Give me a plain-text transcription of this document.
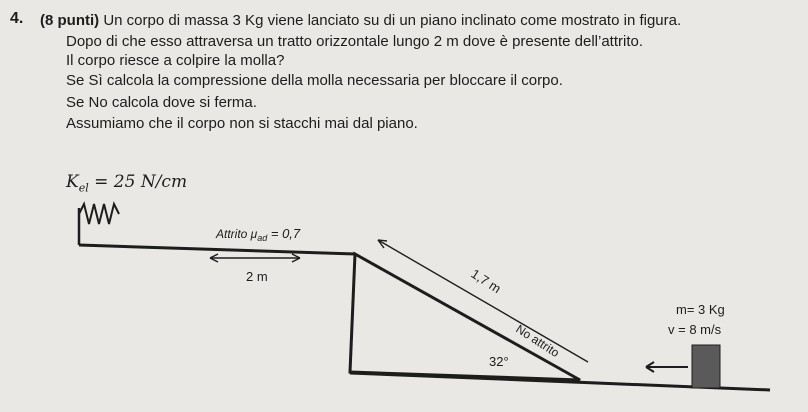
4. (8 punti) Un corpo di massa 3 Kg viene lanciato su di un piano inclinato come mostrato in figura.
Dopo di che esso attraversa un tratto orizzontale lungo 2 m dove è presente dell’attrito.
Il corpo riesce a colpire la molla?
Se Sì calcola la compressione della molla necessaria per bloccare il corpo.
Se No calcola dove si ferma.
Assumiamo che il corpo non si stacchi mai dal piano.
$K_{el} = 25$ N/cm
Attrito $\mu_{ad} = 0,7$
2 m	1,7 m
No attrito
32°
m= 3 Kg
v = 8 m/s
